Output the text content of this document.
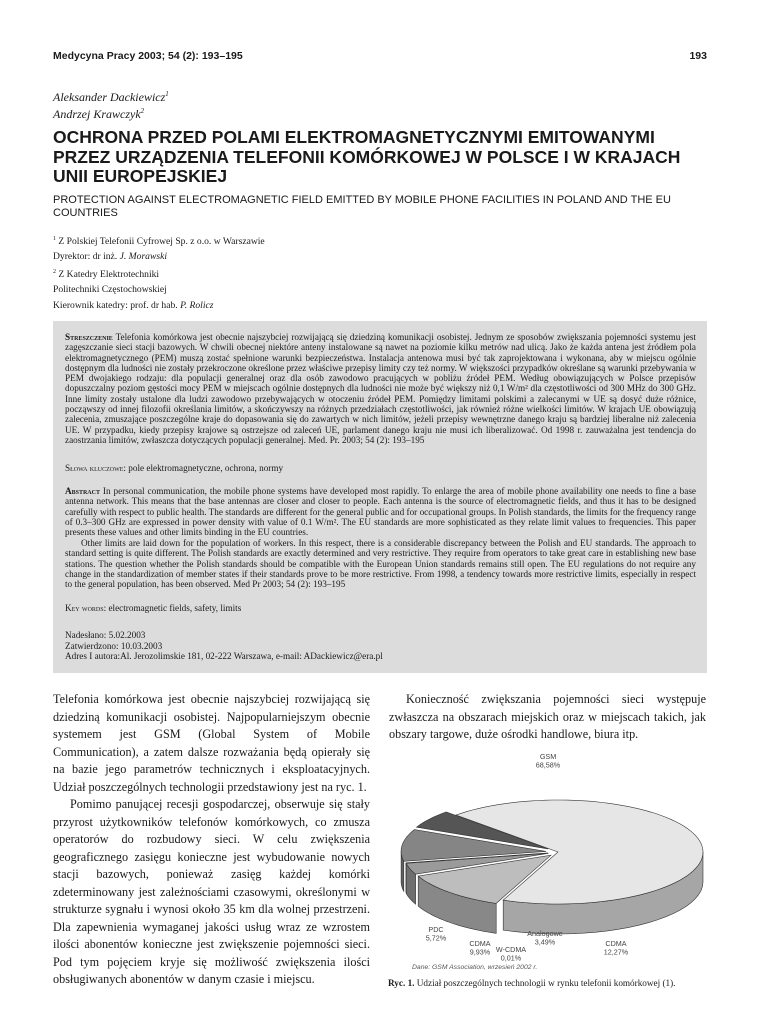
Medycyna Pracy 2003; 54 (2): 193–195	193
Aleksander Dackiewicz$^1$
Andrzej Krawczyk$^2$
OCHRONA PRZED POLAMI ELEKTROMAGNETYCZNYMI EMITOWANYMI PRZEZ URZĄDZENIA TELEFONII KOMÓRKOWEJ W POLSCE I W KRAJACH UNII EUROPEJSKIEJ
PROTECTION AGAINST ELECTROMAGNETIC FIELD EMITTED BY MOBILE PHONE FACILITIES IN POLAND AND THE EU COUNTRIES
$^1$ Z Polskiej Telefonii Cyfrowej Sp. z o.o. w Warszawie
Dyrektor: dr inż. J. Morawski
$^2$ Z Katedry Elektrotechniki
Politechniki Częstochowskiej
Kierownik katedry: prof. dr hab. P. Rolicz

Streszczenie Telefonia komórkowa jest obecnie najszybciej rozwijającą się dziedziną komunikacji osobistej. Jednym ze sposobów zwiększania pojemności systemu jest zagęszczanie sieci stacji bazowych. W chwili obecnej niektóre anteny instalowane są nawet na poziomie kilku metrów nad ulicą. Jako że każda antena jest źródłem pola elektromagnetycznego (PEM) muszą zostać spełnione warunki bezpieczeństwa. Instalacja antenowa musi być tak zaprojektowana i wykonana, aby w miejscu ogólnie dostępnym dla ludności nie zostały przekroczone określone przez właściwe przepisy limity czy też normy. W większości przypadków określane są warunki przebywania w PEM dwojakiego rodzaju: dla populacji generalnej oraz dla osób zawodowo pracujących w pobliżu źródeł PEM. Według obowiązujących w Polsce przepisów dopuszczalny poziom gęstości mocy PEM w miejscach ogólnie dostępnych dla ludności nie może być większy niż 0,1 W/m² dla częstotliwości od 300 MHz do 300 GHz. Inne limity zostały ustalone dla ludzi zawodowo przebywających w otoczeniu źródeł PEM. Pomiędzy limitami polskimi a zalecanymi w UE są dosyć duże różnice, począwszy od innej filozofii określania limitów, a skończywszy na różnych przedziałach częstotliwości, jak również różne wielkości limitów. W krajach UE obowiązują zalecenia, zmuszające poszczególne kraje do dopasowania się do zawartych w nich limitów, jeżeli przepisy wewnętrzne danego kraju są bardziej liberalne niż zalecenia UE. W przypadku, kiedy przepisy krajowe są ostrzejsze od zaleceń UE, parlament danego kraju nie musi ich liberalizować. Od 1998 r. zauważalna jest tendencja do zaostrzania limitów, zwłaszcza dotyczących populacji generalnej. Med. Pr. 2003; 54 (2): 193–195

Słowa kluczowe: pole elektromagnetyczne, ochrona, normy

Abstract In personal communication, the mobile phone systems have developed most rapidly. To enlarge the area of mobile phone availability one needs to fine a base antenna network. This means that the base antennas are closer and closer to people. Each antenna is the source of electromagnetic fields, and thus it has to be designed carefully with respect to public health. The standards are different for the general public and for occupational groups. In Polish standards, the limits for the frequency range of 0.3–300 GHz are expressed in power density with value of 0.1 W/m². The EU standards are more sophisticated as they relate limit values to frequencies. This paper presents these values and other limits binding in the EU countries.

Other limits are laid down for the population of workers. In this respect, there is a considerable discrepancy between the Polish and EU standards. The approach to standard setting is quite different. The Polish standards are exactly determined and very restrictive. They require from operators to take great care in establishing new base stations. The question whether the Polish standards should be compatible with the European Union standards remains still open. The EU regulations do not require any change in the standardization of member states if their standards prove to be more restrictive. From 1998, a tendency towards more restrictive limits, especially in respect to the general population, has been observed. Med Pr 2003; 54 (2): 193–195

Key words: electromagnetic fields, safety, limits

Nadesłano: 5.02.2003

Zatwierdzono: 10.03.2003

Adres I autora:Al. Jerozolimskie 181, 02-222 Warszawa, e-mail: ADackiewicz@era.pl

Telefonia komórkowa jest obecnie najszybciej rozwijającą się dziedziną komunikacji osobistej. Najpopularniejszym obecnie systemem jest GSM (Global System of Mobile Communication), a zatem dalsze rozważania będą opierały się na bazie jego parametrów technicznych i eksploatacyjnych. Udział poszczególnych technologii przedstawiony jest na ryc. 1.

Pomimo panującej recesji gospodarczej, obserwuje się stały przyrost użytkowników telefonów komórkowych, co zmusza operatorów do rozbudowy sieci. W celu zwiększenia geograficznego zasięgu konieczne jest wybudowanie nowych stacji bazowych, ponieważ zasięg każdej komórki zdeterminowany jest zależnościami czasowymi, określonymi w strukturze sygnału i wynosi około 35 km dla wolnej przestrzeni. Dla zapewnienia wymaganej jakości usług wraz ze wzrostem ilości abonentów konieczne jest zwiększenie pojemności sieci. Pod tym pojęciem kryje się możliwość zwiększenia ilości obsługiwanych abonentów w danym czasie i miejscu.

Konieczność zwiększania pojemności sieci występuje zwłaszcza na obszarach miejskich oraz w miejscach takich, jak obszary targowe, duże ośrodki handlowe, biura itp.

GSM
68,58%
CDMA
12,27%
Analogowe
3,49%
W-CDMA
0,01%
CDMA
9,93%
PDC
5,72%
Dane: GSM Association, wrzesień 2002 r.
Ryc. 1. Udział poszczególnych technologii w rynku telefonii komórkowej (1).
